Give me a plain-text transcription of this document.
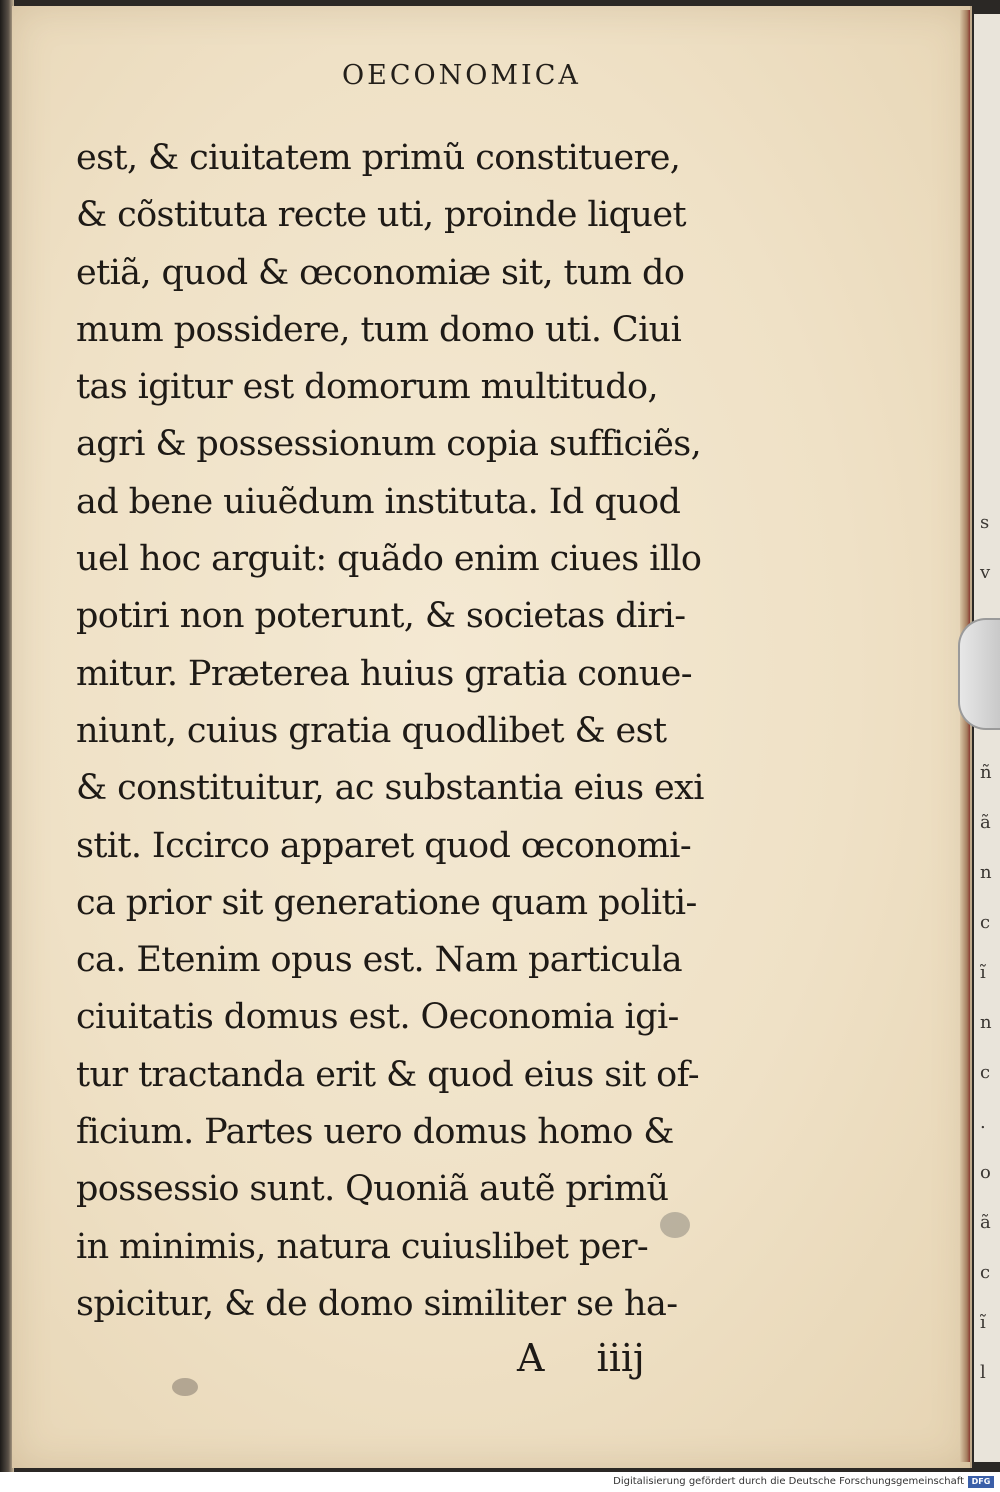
s
v
ñ
ã
n
c
ĩ
n
c
.
o
ã
c
ĩ
l
OECONOMICA
est, & ciuitatem primũ constituere,
& cõstituta recte uti, proinde liquet
etiã, quod & œconomiæ sit, tum do
mum possidere, tum domo uti. Ciui
tas igitur est domorum multitudo,
agri & possessionum copia sufficiẽs,
ad bene uiuẽdum instituta. Id quod
uel hoc arguit: quãdo enim ciues illo
potiri non poterunt, & societas diri-
mitur. Præterea huius gratia conue-
niunt, cuius gratia quodlibet & est
& constituitur, ac substantia eius exi
stit. Iccirco apparet quod œconomi-
ca prior sit generatione quam politi-
ca. Etenim opus est. Nam particula
ciuitatis domus est. Oeconomia igi-
tur tractanda erit & quod eius sit of-
ficium. Partes uero domus homo &
possessio sunt. Quoniã autẽ primũ
in minimis, natura cuiuslibet per-
spicitur, & de domo similiter se ha-
A iiij
Digitalisierung gefördert durch die Deutsche Forschungsgemeinschaft DFG
